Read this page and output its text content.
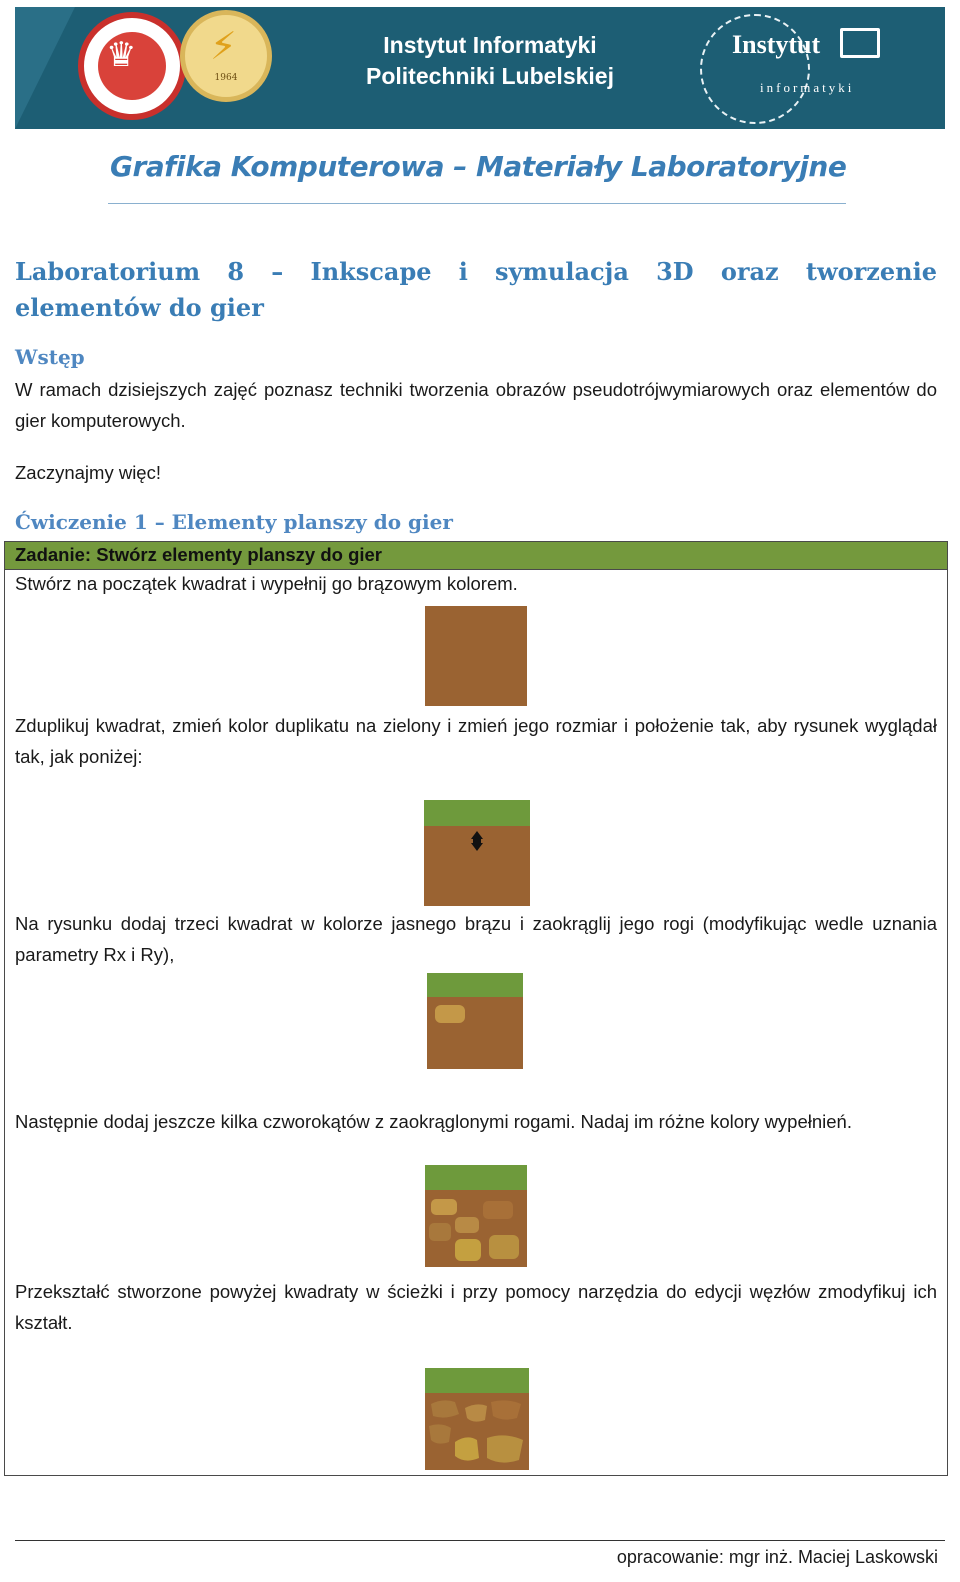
♛ ⚡
1964
Instytut Informatyki
Politechniki Lubelskiej
Instytut
informatyki
Grafika Komputerowa – Materiały Laboratoryjne
Laboratorium 8 – Inkscape i symulacja 3D oraz tworzenie elementów do gier
Wstęp
W ramach dzisiejszych zajęć poznasz techniki tworzenia obrazów pseudotrójwymiarowych oraz elementów do gier komputerowych.
Zaczynajmy więc!
Ćwiczenie 1 – Elementy planszy do gier
Zadanie: Stwórz elementy planszy do gier
Stwórz na początek kwadrat i wypełnij go brązowym kolorem.
Zduplikuj kwadrat, zmień kolor duplikatu na zielony i zmień jego rozmiar i położenie tak, aby rysunek wyglądał tak, jak poniżej:
Na rysunku dodaj trzeci kwadrat w kolorze jasnego brązu i zaokrąglij jego rogi (modyfikując wedle uznania parametry Rx i Ry),
Następnie dodaj jeszcze kilka czworokątów z zaokrąglonymi rogami. Nadaj im różne kolory wypełnień.
Przekształć stworzone powyżej kwadraty w ścieżki i przy pomocy narzędzia do edycji węzłów zmodyfikuj ich kształt.
opracowanie: mgr inż. Maciej Laskowski
